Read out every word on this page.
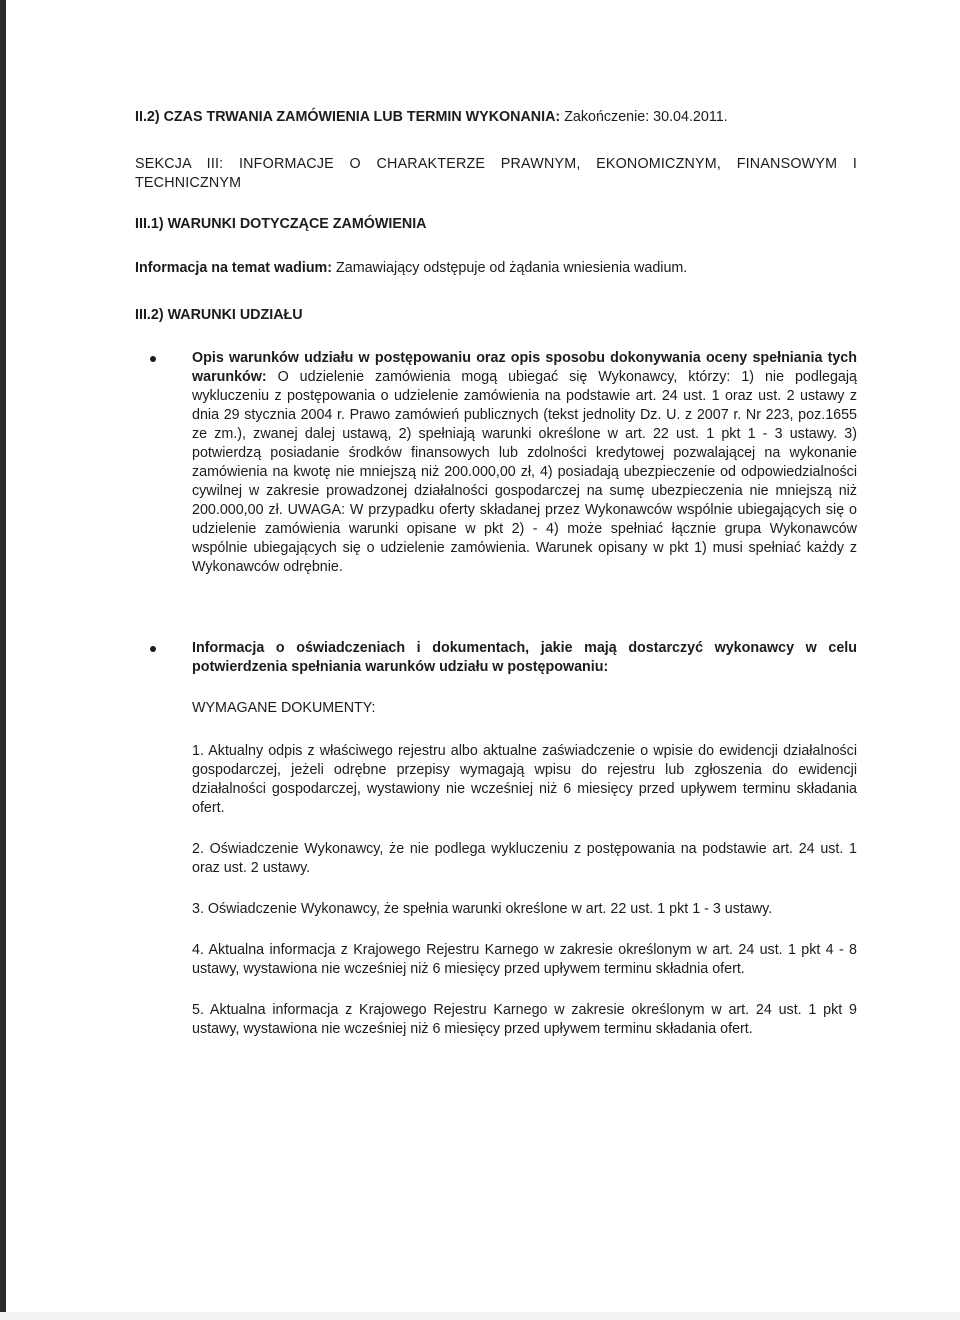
II.2) CZAS TRWANIA ZAMÓWIENIA LUB TERMIN WYKONANIA: Zakończenie: 30.04.2011.

SEKCJA III: INFORMACJE O CHARAKTERZE PRAWNYM, EKONOMICZNYM, FINANSOWYM I TECHNICZNYM

III.1) WARUNKI DOTYCZĄCE ZAMÓWIENIA

Informacja na temat wadium: Zamawiający odstępuje od żądania wniesienia wadium.

III.2) WARUNKI UDZIAŁU

Opis warunków udziału w postępowaniu oraz opis sposobu dokonywania oceny spełniania tych warunków: O udzielenie zamówienia mogą ubiegać się Wykonawcy, którzy: 1) nie podlegają wykluczeniu z postępowania o udzielenie zamówienia na podstawie art. 24 ust. 1 oraz ust. 2 ustawy z dnia 29 stycznia 2004 r. Prawo zamówień publicznych (tekst jednolity Dz. U. z 2007 r. Nr 223, poz.1655 ze zm.), zwanej dalej ustawą, 2) spełniają warunki określone w art. 22 ust. 1 pkt 1 - 3 ustawy. 3) potwierdzą posiadanie środków finansowych lub zdolności kredytowej pozwalającej na wykonanie zamówienia na kwotę nie mniejszą niż 200.000,00 zł, 4) posiadają ubezpieczenie od odpowiedzialności cywilnej w zakresie prowadzonej działalności gospodarczej na sumę ubezpieczenia nie mniejszą niż 200.000,00 zł. UWAGA: W przypadku oferty składanej przez Wykonawców wspólnie ubiegających się o udzielenie zamówienia warunki opisane w pkt 2) - 4) może spełniać łącznie grupa Wykonawców wspólnie ubiegających się o udzielenie zamówienia. Warunek opisany w pkt 1) musi spełniać każdy z Wykonawców odrębnie.

Informacja o oświadczeniach i dokumentach, jakie mają dostarczyć wykonawcy w celu potwierdzenia spełniania warunków udziału w postępowaniu:

WYMAGANE DOKUMENTY:

1. Aktualny odpis z właściwego rejestru albo aktualne zaświadczenie o wpisie do ewidencji działalności gospodarczej, jeżeli odrębne przepisy wymagają wpisu do rejestru lub zgłoszenia do ewidencji działalności gospodarczej, wystawiony nie wcześniej niż 6 miesięcy przed upływem terminu składania ofert.

2. Oświadczenie Wykonawcy, że nie podlega wykluczeniu z postępowania na podstawie art. 24 ust. 1 oraz ust. 2 ustawy.

3. Oświadczenie Wykonawcy, że spełnia warunki określone w art. 22 ust. 1 pkt 1 - 3 ustawy.

4. Aktualna informacja z Krajowego Rejestru Karnego w zakresie określonym w art. 24 ust. 1 pkt 4 - 8 ustawy, wystawiona nie wcześniej niż 6 miesięcy przed upływem terminu składnia ofert.

5. Aktualna informacja z Krajowego Rejestru Karnego w zakresie określonym w art. 24 ust. 1 pkt 9 ustawy, wystawiona nie wcześniej niż 6 miesięcy przed upływem terminu składania ofert.
